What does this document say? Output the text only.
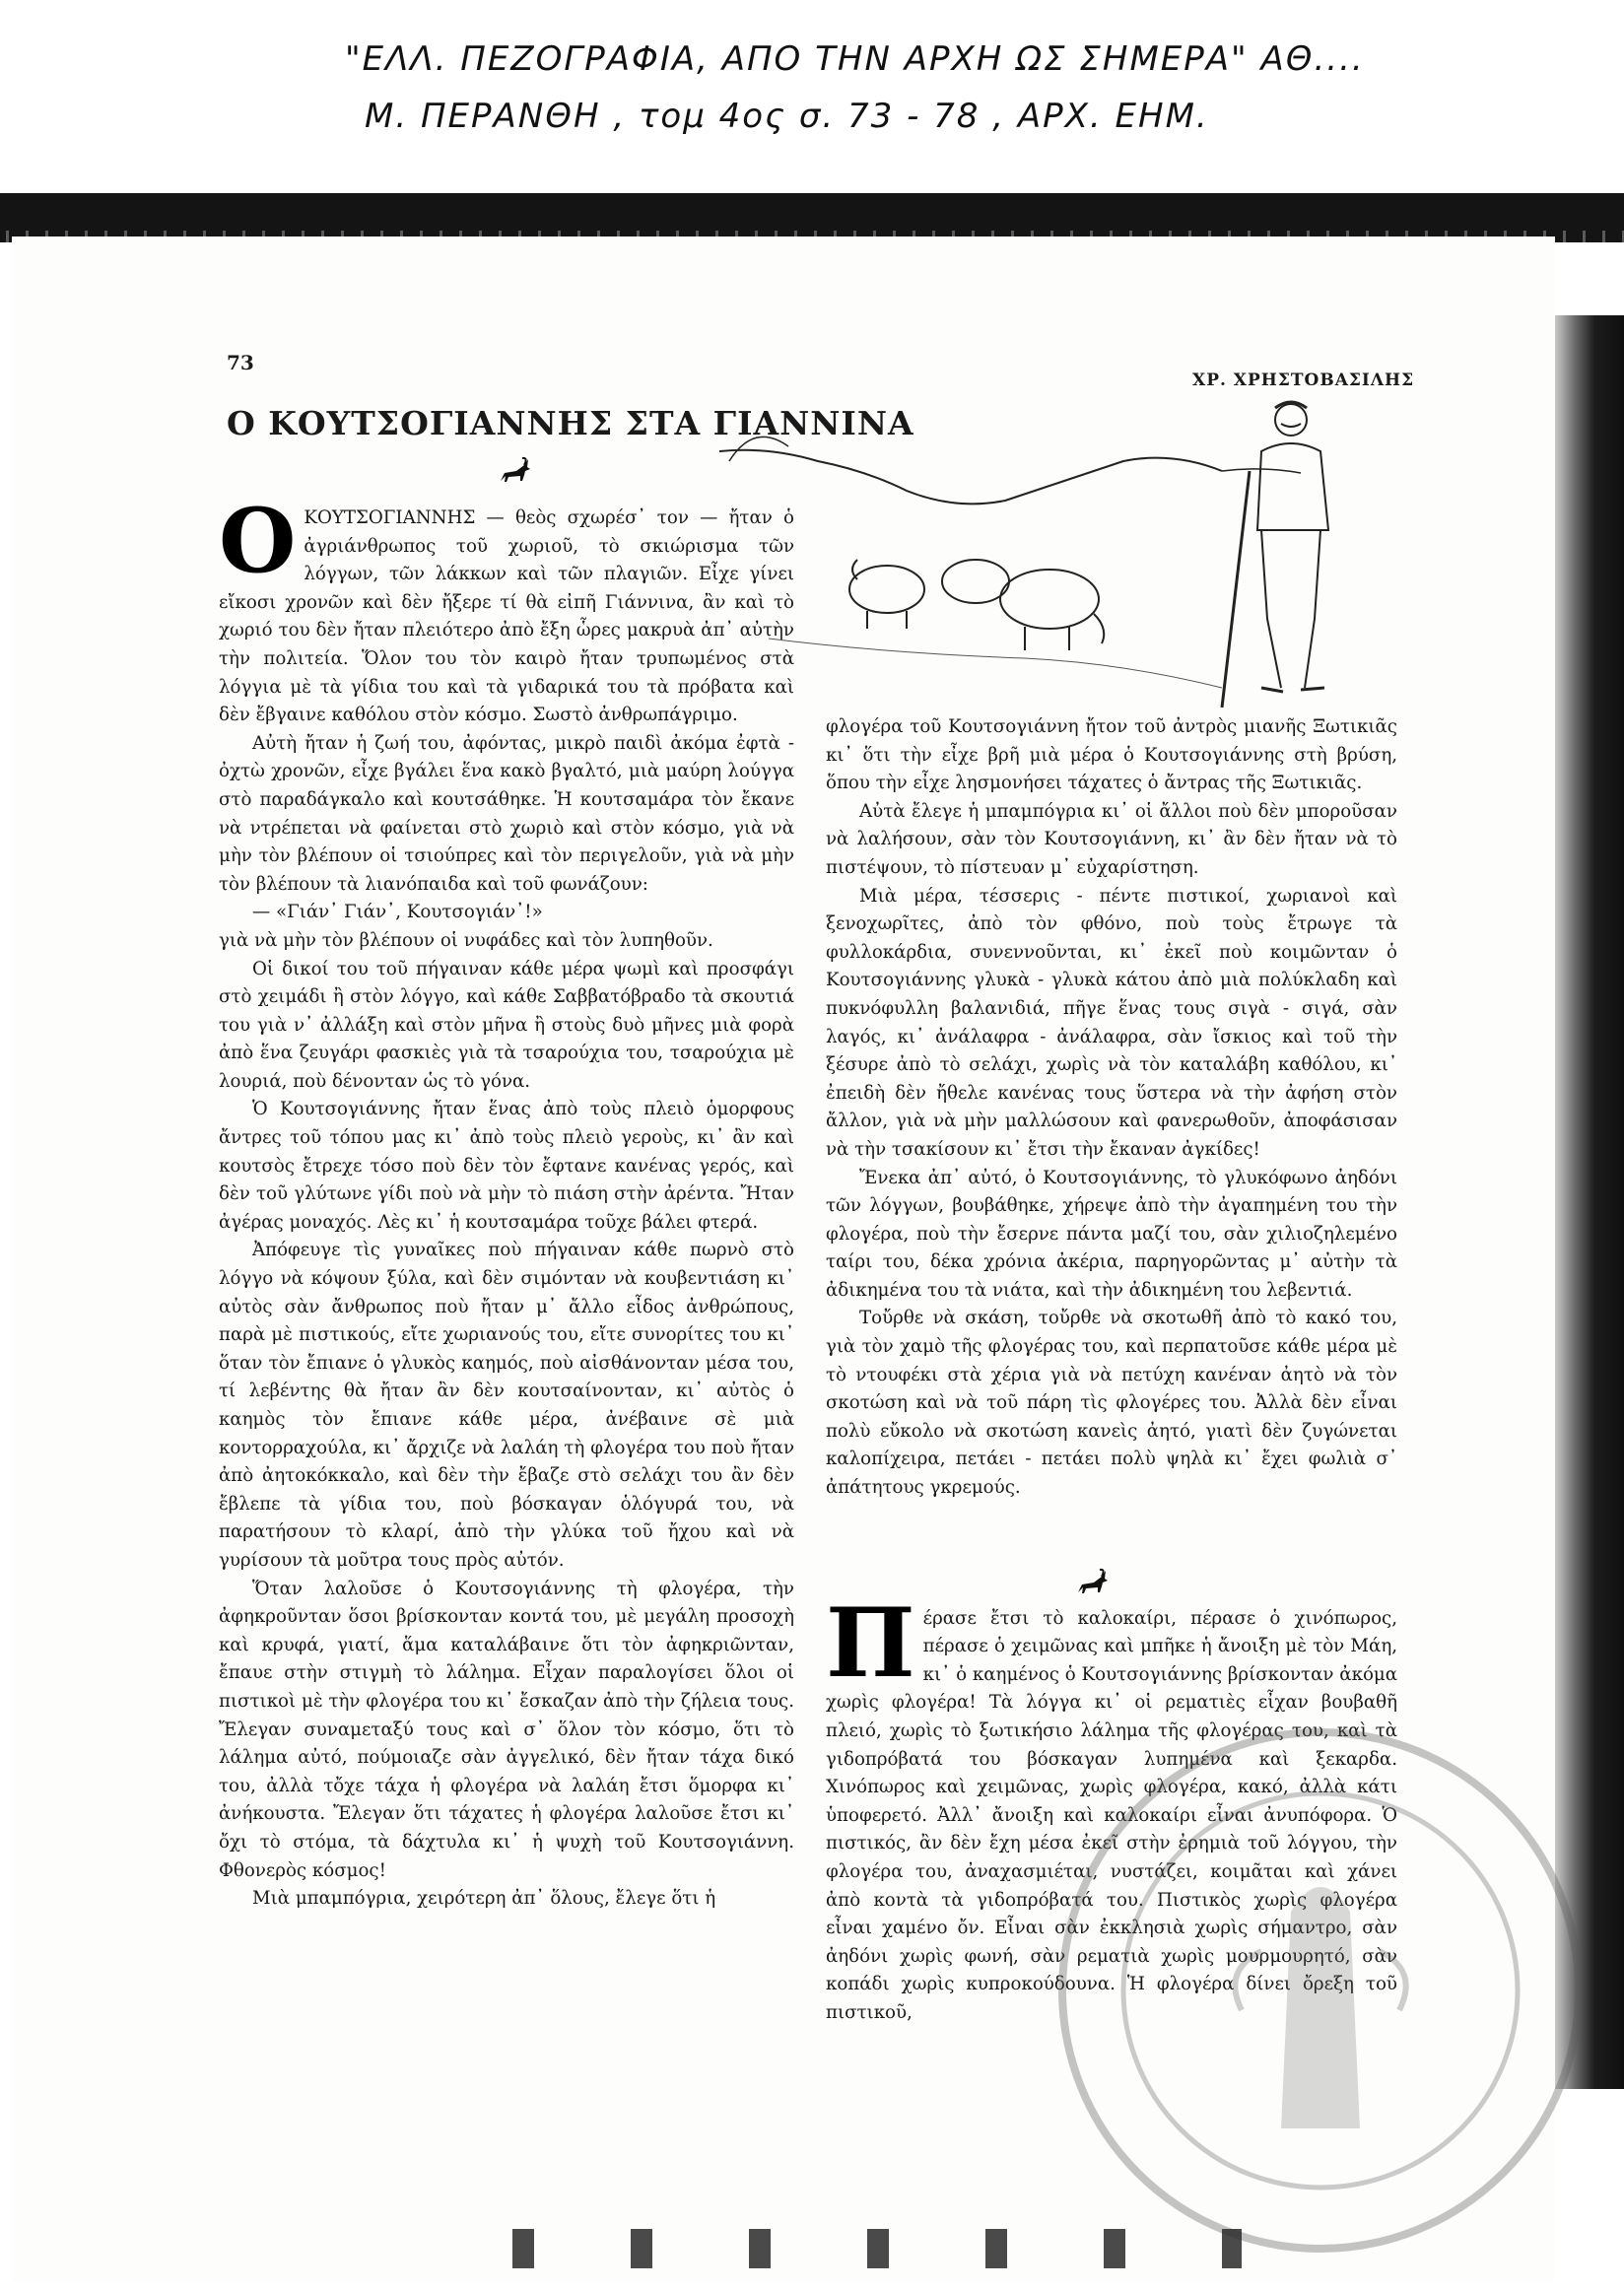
"ΕΛΛ. ΠΕΖΟΓΡΑΦΙΑ, ΑΠΟ ΤΗΝ ΑΡΧΗ ΩΣ ΣΗΜΕΡΑ" ΑΘ....
Μ. ΠΕΡΑΝΘΗ , τομ 4ος σ. 73 - 78 , ΑΡΧ. ΕΗΜ.
73
ΧΡ. ΧΡΗΣΤΟΒΑΣΙΛΗΣ
Ο ΚΟΥΤΣΟΓΙΑΝΝΗΣ ΣΤΑ ΓΙΑΝΝΙΝΑ

ΟΚΟΥΤΣΟΓΙΑΝΝΗΣ — θεὸς σχωρέσ᾽ τον — ἤταν ὁ ἀγριάνθρωπος τοῦ χωριοῦ, τὸ σκιώρισμα τῶν λόγγων, τῶν λάκκων καὶ τῶν πλαγιῶν. Εἶχε γίνει εἴκοσι χρονῶν καὶ δὲν ἤξερε τί θὰ εἰπῆ Γιάννινα, ἂν καὶ τὸ χωριό του δὲν ἤταν πλειότερο ἀπὸ ἔξη ὧρες μακρυὰ ἀπ᾽ αὐτὴν τὴν πολιτεία. Ὅλον του τὸν καιρὸ ἤταν τρυπωμένος στὰ λόγγια μὲ τὰ γίδια του καὶ τὰ γιδαρικά του τὰ πρόβατα καὶ δὲν ἔβγαινε καθόλου στὸν κόσμο. Σωστὸ ἀνθρωπάγριμο.

Αὐτὴ ἤταν ἡ ζωή του, ἀφόντας, μικρὸ παιδὶ ἀκόμα ἐφτὰ - ὀχτὼ χρονῶν, εἶχε βγάλει ἕνα κακὸ βγαλτό, μιὰ μαύρη λούγγα στὸ παραδάγκαλο καὶ κουτσάθηκε. Ἡ κουτσαμάρα τὸν ἔκανε νὰ ντρέπεται νὰ φαίνεται στὸ χωριὸ καὶ στὸν κόσμο, γιὰ νὰ μὴν τὸν βλέπουν οἱ τσιούπρες καὶ τὸν περιγελοῦν, γιὰ νὰ μὴν τὸν βλέπουν τὰ λιανόπαιδα καὶ τοῦ φωνάζουν:

— «Γιάν᾽ Γιάν᾽, Κουτσογιάν᾽!»

γιὰ νὰ μὴν τὸν βλέπουν οἱ νυφάδες καὶ τὸν λυπηθοῦν.

Οἱ δικοί του τοῦ πήγαιναν κάθε μέρα ψωμὶ καὶ προσφάγι στὸ χειμάδι ἢ στὸν λόγγο, καὶ κάθε Σαββατόβραδο τὰ σκουτιά του γιὰ ν᾽ ἀλλάξη καὶ στὸν μῆνα ἢ στοὺς δυὸ μῆνες μιὰ φορὰ ἀπὸ ἕνα ζευγάρι φασκιὲς γιὰ τὰ τσαρούχια του, τσαρούχια μὲ λουριά, ποὺ δένονταν ὡς τὸ γόνα.

Ὁ Κουτσογιάννης ἤταν ἕνας ἀπὸ τοὺς πλειὸ ὁμορφους ἄντρες τοῦ τόπου μας κι᾽ ἀπὸ τοὺς πλειὸ γεροὺς, κι᾽ ἂν καὶ κουτσὸς ἔτρεχε τόσο ποὺ δὲν τὸν ἔφτανε κανένας γερός, καὶ δὲν τοῦ γλύτωνε γίδι ποὺ νὰ μὴν τὸ πιάση στὴν ἀρέντα. Ἤταν ἀγέρας μοναχός. Λὲς κι᾽ ἡ κουτσαμάρα τοῦχε βάλει φτερά.

Ἀπόφευγε τὶς γυναῖκες ποὺ πήγαιναν κάθε πωρνὸ στὸ λόγγο νὰ κόψουν ξύλα, καὶ δὲν σιμόνταν νὰ κουβεντιάση κι᾽ αὐτὸς σὰν ἄνθρωπος ποὺ ἤταν μ᾽ ἄλλο εἶδος ἀνθρώπους, παρὰ μὲ πιστικούς, εἴτε χωριανούς του, εἴτε συνορίτες του κι᾽ ὅταν τὸν ἔπιανε ὁ γλυκὸς καημός, ποὺ αἰσθάνονταν μέσα του, τί λεβέντης θὰ ἤταν ἂν δὲν κουτσαίνονταν, κι᾽ αὐτὸς ὁ καημὸς τὸν ἔπιανε κάθε μέρα, ἀνέβαινε σὲ μιὰ κοντορραχούλα, κι᾽ ἄρχιζε νὰ λαλάη τὴ φλογέρα του ποὺ ἤταν ἀπὸ ἀητοκόκκαλο, καὶ δὲν τὴν ἔβαζε στὸ σελάχι του ἂν δὲν ἔβλεπε τὰ γίδια του, ποὺ βόσκαγαν ὁλόγυρά του, νὰ παρατήσουν τὸ κλαρί, ἀπὸ τὴν γλύκα τοῦ ἤχου καὶ νὰ γυρίσουν τὰ μοῦτρα τους πρὸς αὐτόν.

Ὅταν λαλοῦσε ὁ Κουτσογιάννης τὴ φλογέρα, τὴν ἀφηκροῦνταν ὅσοι βρίσκονταν κοντά του, μὲ μεγάλη προσοχὴ καὶ κρυφά, γιατί, ἅμα καταλάβαινε ὅτι τὸν ἀφηκριῶνταν, ἔπαυε στὴν στιγμὴ τὸ λάλημα. Εἶχαν παραλογίσει ὅλοι οἱ πιστικοὶ μὲ τὴν φλογέρα του κι᾽ ἔσκαζαν ἀπὸ τὴν ζήλεια τους. Ἔλεγαν συναμεταξύ τους καὶ σ᾽ ὅλον τὸν κόσμο, ὅτι τὸ λάλημα αὐτό, πούμοιαζε σὰν ἀγγελικό, δὲν ἤταν τάχα δικό του, ἀλλὰ τὄχε τάχα ἡ φλογέρα νὰ λαλάη ἔτσι ὅμορφα κι᾽ ἀνήκουστα. Ἔλεγαν ὅτι τάχατες ἡ φλογέρα λαλοῦσε ἔτσι κι᾽ ὄχι τὸ στόμα, τὰ δάχτυλα κι᾽ ἡ ψυχὴ τοῦ Κουτσογιάννη. Φθονερὸς κόσμος!

Μιὰ μπαμπόγρια, χειρότερη ἀπ᾽ ὅλους, ἔλεγε ὅτι ἡ

φλογέρα τοῦ Κουτσογιάννη ἤτον τοῦ ἀντρὸς μιανῆς Ξωτικιᾶς κι᾽ ὅτι τὴν εἶχε βρῆ μιὰ μέρα ὁ Κουτσογιάννης στὴ βρύση, ὅπου τὴν εἶχε λησμονήσει τάχατες ὁ ἄντρας τῆς Ξωτικιᾶς.

Αὐτὰ ἔλεγε ἡ μπαμπόγρια κι᾽ οἱ ἄλλοι ποὺ δὲν μποροῦσαν νὰ λαλήσουν, σὰν τὸν Κουτσογιάννη, κι᾽ ἂν δὲν ἤταν νὰ τὸ πιστέψουν, τὸ πίστευαν μ᾽ εὐχαρίστηση.

Μιὰ μέρα, τέσσερις - πέντε πιστικοί, χωριανοὶ καὶ ξενοχωρῖτες, ἀπὸ τὸν φθόνο, ποὺ τοὺς ἔτρωγε τὰ φυλλοκάρδια, συνεννοῦνται, κι᾽ ἐκεῖ ποὺ κοιμῶνταν ὁ Κουτσογιάννης γλυκὰ - γλυκὰ κάτου ἀπὸ μιὰ πολύκλαδη καὶ πυκνόφυλλη βαλανιδιά, πῆγε ἕνας τους σιγὰ - σιγά, σὰν λαγός, κι᾽ ἀνάλαφρα - ἀνάλαφρα, σὰν ἴσκιος καὶ τοῦ τὴν ξέσυρε ἀπὸ τὸ σελάχι, χωρὶς νὰ τὸν καταλάβη καθόλου, κι᾽ ἐπειδὴ δὲν ἤθελε κανένας τους ὕστερα νὰ τὴν ἀφήση στὸν ἄλλον, γιὰ νὰ μὴν μαλλώσουν καὶ φανερωθοῦν, ἀποφάσισαν νὰ τὴν τσακίσουν κι᾽ ἔτσι τὴν ἔκαναν ἀγκίδες!

Ἔνεκα ἀπ᾽ αὐτό, ὁ Κουτσογιάννης, τὸ γλυκόφωνο ἀηδόνι τῶν λόγγων, βουβάθηκε, χήρεψε ἀπὸ τὴν ἀγαπημένη του τὴν φλογέρα, ποὺ τὴν ἔσερνε πάντα μαζί του, σὰν χιλιοζηλεμένο ταίρι του, δέκα χρόνια ἀκέρια, παρηγορῶντας μ᾽ αὐτὴν τὰ ἀδικημένα του τὰ νιάτα, καὶ τὴν ἀδικημένη του λεβεντιά.

Τοὔρθε νὰ σκάση, τοὔρθε νὰ σκοτωθῆ ἀπὸ τὸ κακό του, γιὰ τὸν χαμὸ τῆς φλογέρας του, καὶ περπατοῦσε κάθε μέρα μὲ τὸ ντουφέκι στὰ χέρια γιὰ νὰ πετύχη κανέναν ἀητὸ νὰ τὸν σκοτώση καὶ νὰ τοῦ πάρη τὶς φλογέρες του. Ἀλλὰ δὲν εἶναι πολὺ εὔκολο νὰ σκοτώση κανεὶς ἀητό, γιατὶ δὲν ζυγώνεται καλοπίχειρα, πετάει - πετάει πολὺ ψηλὰ κι᾽ ἔχει φωλιὰ σ᾽ ἀπάτητους γκρεμούς.

Πέρασε ἔτσι τὸ καλοκαίρι, πέρασε ὁ χινόπωρος, πέρασε ὁ χειμῶνας καὶ μπῆκε ἡ ἄνοιξη μὲ τὸν Μάη, κι᾽ ὁ καημένος ὁ Κουτσογιάννης βρίσκονταν ἀκόμα χωρὶς φλογέρα! Τὰ λόγγα κι᾽ οἱ ρεματιὲς εἶχαν βουβαθῆ πλειό, χωρὶς τὸ ξωτικήσιο λάλημα τῆς φλογέρας του, καὶ τὰ γιδοπρόβατά του βόσκαγαν λυπημένα καὶ ξεκαρδα. Χινόπωρος καὶ χειμῶνας, χωρὶς φλογέρα, κακό, ἀλλὰ κάτι ὑποφερετό. Ἀλλ᾽ ἄνοιξη καὶ καλοκαίρι εἶναι ἀνυπόφορα. Ὁ πιστικός, ἂν δὲν ἔχη μέσα ἐκεῖ στὴν ἐρημιὰ τοῦ λόγγου, τὴν φλογέρα του, ἀναχασμιέται, νυστάζει, κοιμᾶται καὶ χάνει ἀπὸ κοντὰ τὰ γιδοπρόβατά του. Πιστικὸς χωρὶς φλογέρα εἶναι χαμένο ὄν. Εἶναι σὰν ἐκκλησιὰ χωρὶς σήμαντρο, σὰν ἀηδόνι χωρὶς φωνή, σὰν ρεματιὰ χωρὶς μουρμουρητό, σὰν κοπάδι χωρὶς κυπροκούδουνα. Ἡ φλογέρα δίνει ὄρεξη τοῦ πιστικοῦ,
